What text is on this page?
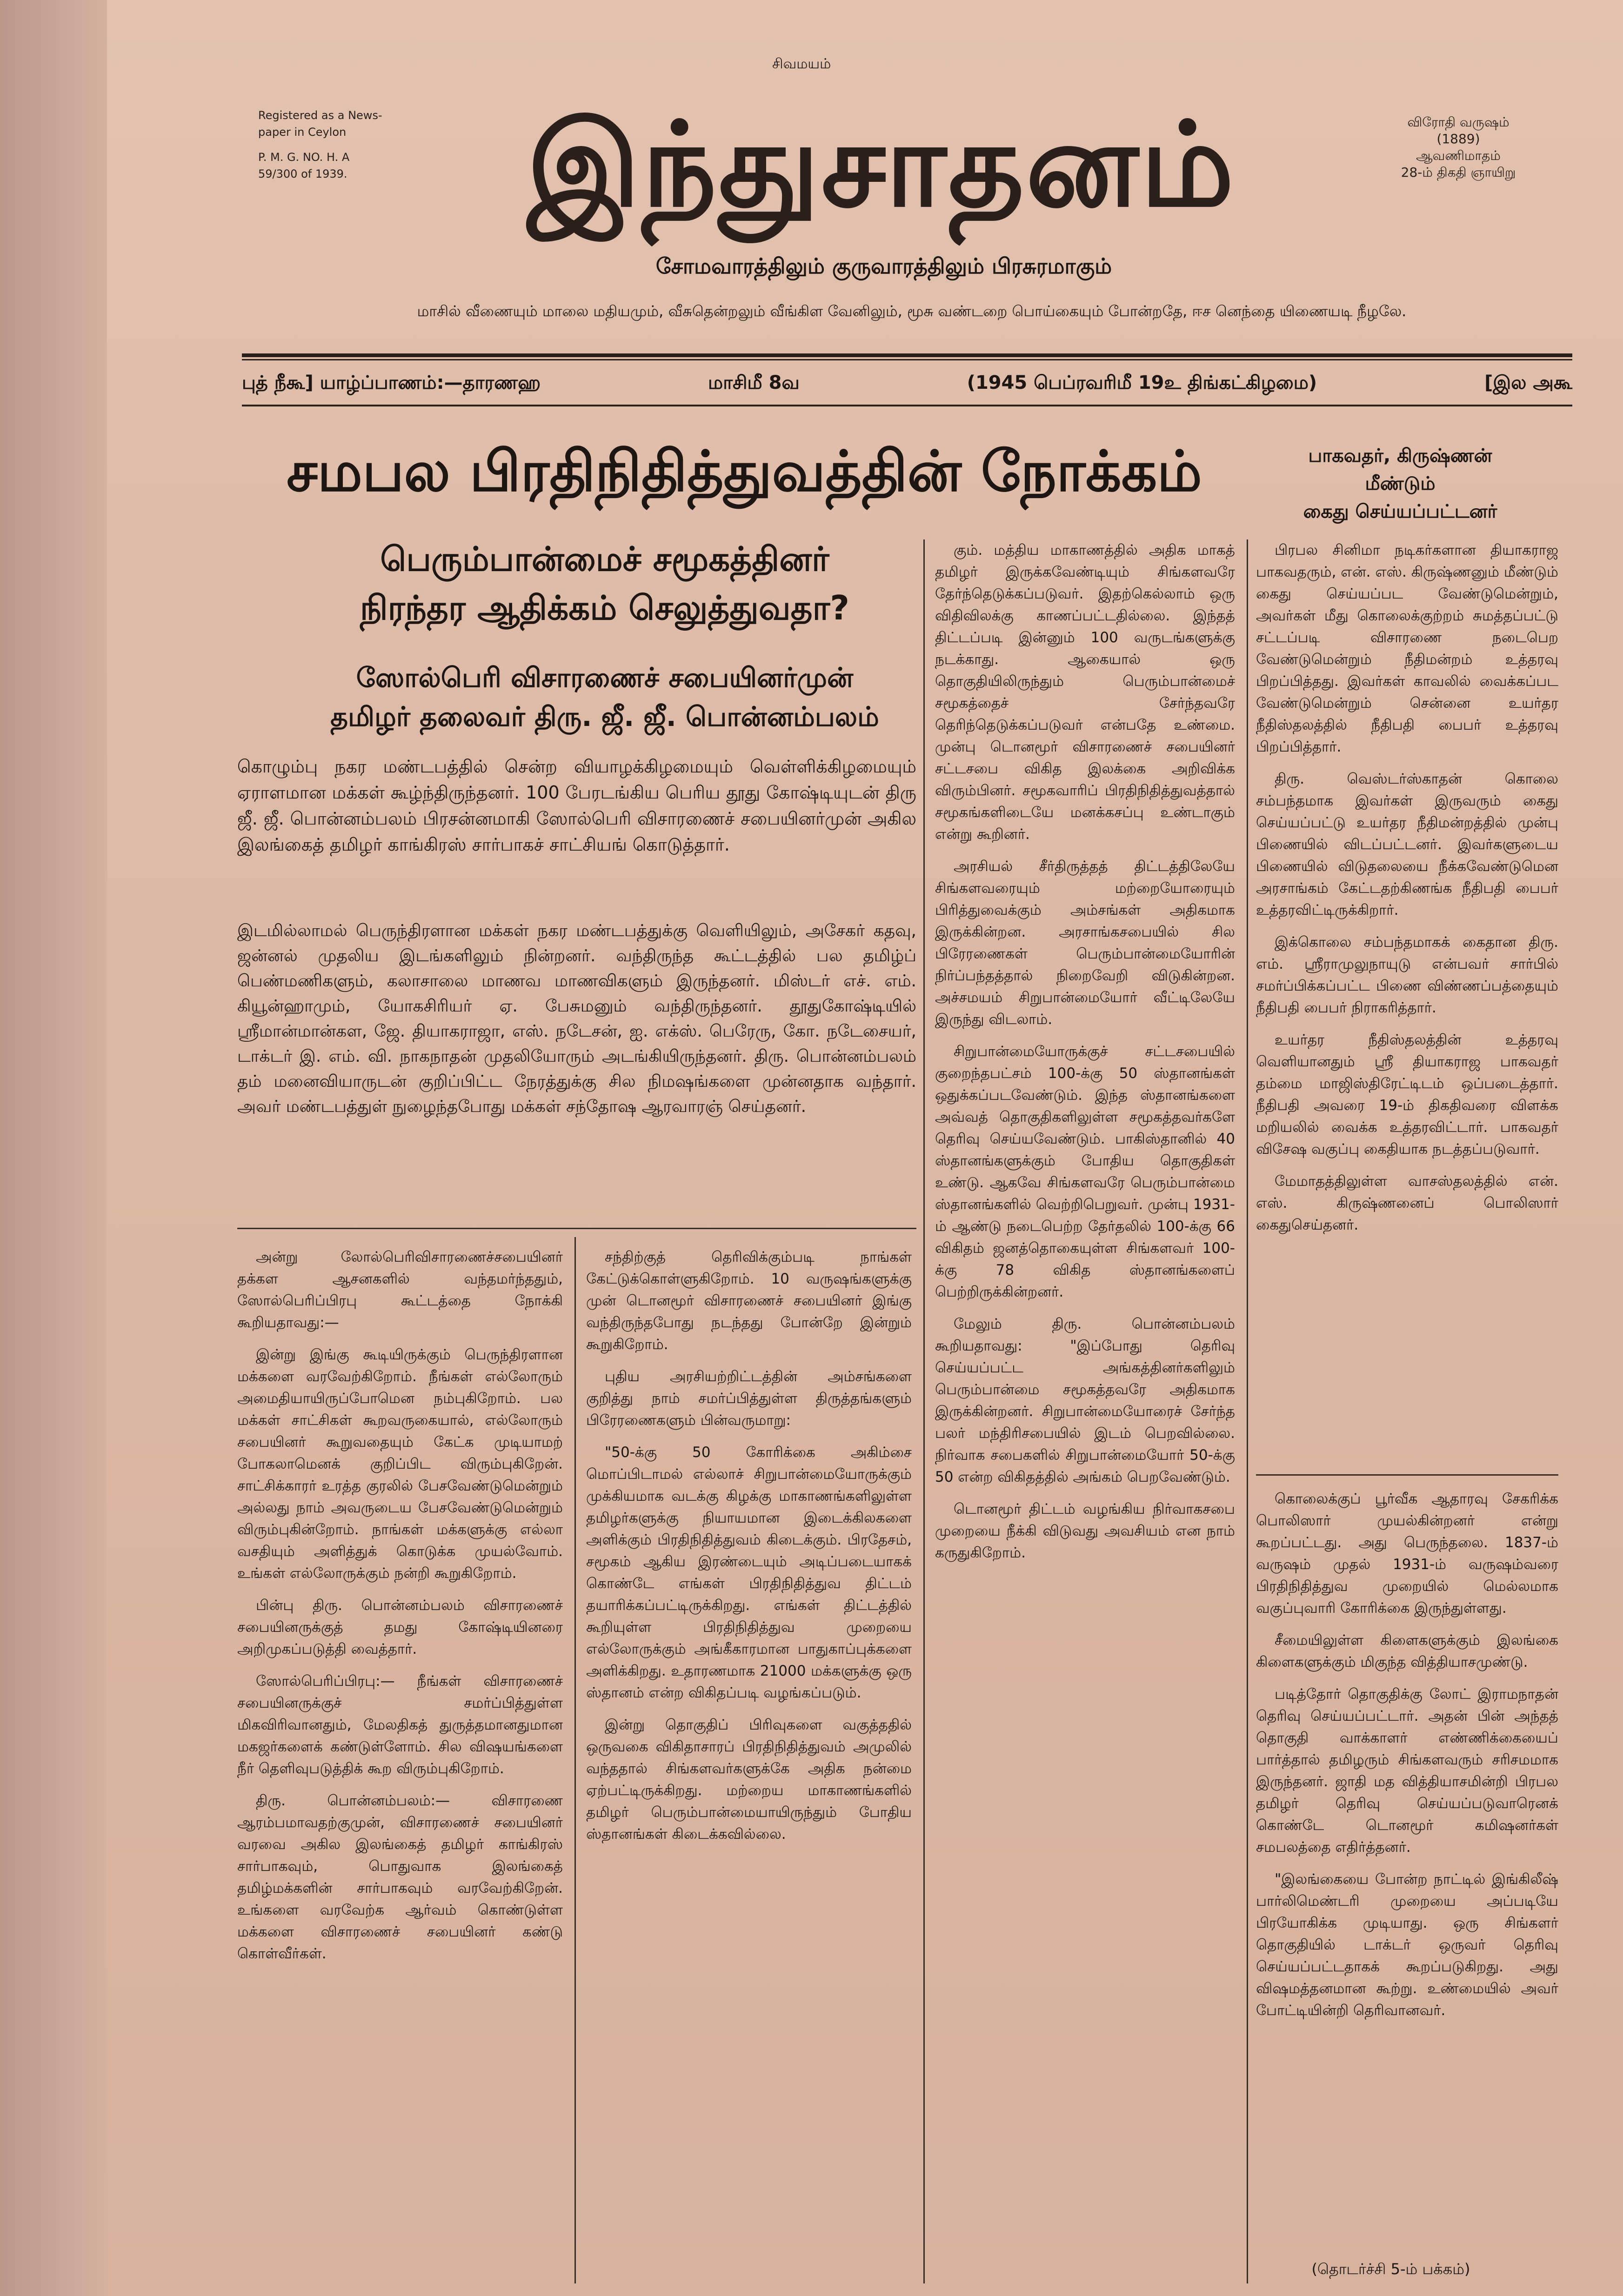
சிவமயம்
Registered as a News-
paper in Ceylon
P. M. G. NO. H. A
59/300 of 1939.	இந்துசாதனம்	விரோதி வருஷம்
(1889)
ஆவணிமாதம்
28-ம் திகதி ஞாயிறு
சோமவாரத்திலும் குருவாரத்திலும் பிரசுரமாகும்
மாசில் வீணையும் மாலை மதியமும், வீசுதென்றலும் வீங்கிள வேனிலும், மூசு வண்டறை பொய்கையும் போன்றதே, ஈச னெந்தை யிணையடி நீழலே.
புத் நீகூ] யாழ்ப்பாணம்:—தாரணஹ	மாசிமீ 8வ	(1945 பெப்ரவரிமீ 19உ திங்கட்கிழமை)	[இல அகூ
சமபல பிரதிநிதித்துவத்தின் நோக்கம்
பெரும்பான்மைச் சமூகத்தினர்
நிரந்தர ஆதிக்கம் செலுத்துவதா?
ஸோல்பெரி விசாரணைச் சபையினர்முன்
தமிழர் தலைவர் திரு. ஜீ. ஜீ. பொன்னம்பலம்
கொழும்பு நகர மண்டபத்தில் சென்ற வியாழக்கிழமையும் வெள்ளிக்கிழமையும் ஏராளமான மக்கள் கூழ்ந்திருந்தனர். 100 பேரடங்கிய பெரிய தூது கோஷ்டியுடன் திரு ஜீ. ஜீ. பொன்னம்பலம் பிரசன்னமாகி ஸோல்பெரி விசாரணைச் சபையினர்முன் அகில இலங்கைத் தமிழர் காங்கிரஸ் சார்பாகச் சாட்சியங் கொடுத்தார்.
இடமில்லாமல் பெருந்திரளான மக்கள் நகர மண்டபத்துக்கு வெளியிலும், அசேகர் கதவு, ஜன்னல் முதலிய இடங்களிலும் நின்றனர். வந்திருந்த கூட்டத்தில் பல தமிழ்ப் பெண்மணிகளும், கலாசாலை மாணவ மாணவிகளும் இருந்தனர். மிஸ்டர் எச். எம். கியூன்ஹாமும், யோகசிரியர் ஏ. பேசுமனும் வந்திருந்தனர். தூதுகோஷ்டியில் ஸ்ரீமான்மான்கள, ஜே. தியாகராஜா, எஸ். நடேசன், ஐ. எக்ஸ். பெரேரு, கோ. நடேசையர், டாக்டர் இ. எம். வி. நாகநாதன் முதலியோரும் அடங்கியிருந்தனர். திரு. பொன்னம்பலம் தம் மனைவியாருடன் குறிப்பிட்ட நேரத்துக்கு சில நிமஷங்களை முன்னதாக வந்தார். அவர் மண்டபத்துள் நுழைந்தபோது மக்கள் சந்தோஷ ஆரவாரஞ் செய்தனர்.

அன்று லோல்பெரிவிசாரணைச்சபையினர் தக்கள ஆசனகளில் வந்தமர்ந்ததும், ஸோல்பெரிப்பிரபு கூட்டத்தை நோக்கி கூறியதாவது:—

இன்று இங்கு கூடியிருக்கும் பெருந்திரளான மக்களை வரவேற்கிறோம். நீங்கள் எல்லோரும் அமைதியாயிருப்போமென நம்புகிறோம். பல மக்கள் சாட்சிகள் கூறவருகையால், எல்லோரும் சபையினர் கூறுவதையும் கேட்க முடியாமற் போகலாமெனக் குறிப்பிட விரும்புகிறேன். சாட்சிக்காரர் உரத்த குரலில் பேசவேண்டுமென்றும் அல்லது நாம் அவருடைய பேசவேண்டுமென்றும் விரும்புகின்றோம். நாங்கள் மக்களுக்கு எல்லா வசதியும் அளித்துக் கொடுக்க முயல்வோம். உங்கள் எல்லோருக்கும் நன்றி கூறுகிறோம்.

பின்பு திரு. பொன்னம்பலம் விசாரணைச் சபையினருக்குத் தமது கோஷ்டியினரை அறிமுகப்படுத்தி வைத்தார்.

ஸோல்பெரிப்பிரபு:— நீங்கள் விசாரணைச் சபையினருக்குச் சமர்ப்பித்துள்ள மிகவிரிவானதும், மேலதிகத் துருத்தமானதுமான மகஜர்களைக் கண்டுள்ளோம். சில விஷயங்களை நீர் தெளிவுபடுத்திக் கூற விரும்புகிறோம்.

திரு. பொன்னம்பலம்:— விசாரணை ஆரம்பமாவதற்குமுன், விசாரணைச் சபையினர் வரவை அகில இலங்கைத் தமிழர் காங்கிரஸ் சார்பாகவும், பொதுவாக இலங்கைத் தமிழ்மக்களின் சார்பாகவும் வரவேற்கிறேன். உங்களை வரவேற்க ஆர்வம் கொண்டுள்ள மக்களை விசாரணைச் சபையினர் கண்டு கொள்வீர்கள்.

சந்திற்குத் தெரிவிக்கும்படி நாங்கள் கேட்டுக்கொள்ளுகிறோம். 10 வருஷங்களுக்கு முன் டொனமூர் விசாரணைச் சபையினர் இங்கு வந்திருந்தபோது நடந்தது போன்றே இன்றும் கூறுகிறோம்.

புதிய அரசியற்றிட்டத்தின் அம்சங்களை குறித்து நாம் சமர்ப்பித்துள்ள திருத்தங்களும் பிரேரணைகளும் பின்வருமாறு:

"50-க்கு 50 கோரிக்கை அகிம்சை மொப்பிடாமல் எல்லாச் சிறுபான்மையோருக்கும் முக்கியமாக வடக்கு கிழக்கு மாகாணங்களிலுள்ள தமிழர்களுக்கு நியாயமான இடைக்கிலகளை அளிக்கும் பிரதிநிதித்துவம் கிடைக்கும். பிரதேசம், சமூகம் ஆகிய இரண்டையும் அடிப்படையாகக் கொண்டே எங்கள் பிரதிநிதித்துவ திட்டம் தயாரிக்கப்பட்டிருக்கிறது. எங்கள் திட்டத்தில் கூறியுள்ள பிரதிநிதித்துவ முறையை எல்லோருக்கும் அங்கீகாரமான பாதுகாப்புக்களை அளிக்கிறது. உதாரணமாக 21000 மக்களுக்கு ஒரு ஸ்தானம் என்ற விகிதப்படி வழங்கப்படும்.

இன்று தொகுதிப் பிரிவுகளை வகுத்ததில் ஒருவகை விகிதாசாரப் பிரதிநிதித்துவம் அமுலில் வந்ததால் சிங்களவர்களுக்கே அதிக நன்மை ஏற்பட்டிருக்கிறது. மற்றைய மாகாணங்களில் தமிழர் பெரும்பான்மையாயிருந்தும் போதிய ஸ்தானங்கள் கிடைக்கவில்லை.

கும். மத்திய மாகாணத்தில் அதிக மாகத் தமிழர் இருக்கவேண்டியும் சிங்களவரே தேர்ந்தெடுக்கப்படுவர். இதற்கெல்லாம் ஒரு விதிவிலக்கு காணப்பட்டதில்லை. இந்தத் திட்டப்படி இன்னும் 100 வருடங்களுக்கு நடக்காது. ஆகையால் ஒரு தொகுதியிலிருந்தும் பெரும்பான்மைச் சமூகத்தைச் சேர்ந்தவரே தெரிந்தெடுக்கப்படுவர் என்பதே உண்மை. முன்பு டொனமூர் விசாரணைச் சபையினர் சட்டசபை விகித இலக்கை அறிவிக்க விரும்பினர். சமூகவாரிப் பிரதிநிதித்துவத்தால் சமூகங்களிடையே மனக்கசப்பு உண்டாகும் என்று கூறினர்.

அரசியல் சீர்திருத்தத் திட்டத்திலேயே சிங்களவரையும் மற்றையோரையும் பிரித்துவைக்கும் அம்சங்கள் அதிகமாக இருக்கின்றன. அரசாங்கசபையில் சில பிரேரணைகள் பெரும்பான்மையோரின் நிர்ப்பந்தத்தால் நிறைவேறி விடுகின்றன. அச்சமயம் சிறுபான்மையோர் வீட்டிலேயே இருந்து விடலாம்.

சிறுபான்மையோருக்குச் சட்டசபையில் குறைந்தபட்சம் 100-க்கு 50 ஸ்தானங்கள் ஒதுக்கப்படவேண்டும். இந்த ஸ்தானங்களை அவ்வத் தொகுதிகளிலுள்ள சமூகத்தவர்களே தெரிவு செய்யவேண்டும். பாகிஸ்தானில் 40 ஸ்தானங்களுக்கும் போதிய தொகுதிகள் உண்டு. ஆகவே சிங்களவரே பெரும்பான்மை ஸ்தானங்களில் வெற்றிபெறுவர். முன்பு 1931-ம் ஆண்டு நடைபெற்ற தேர்தலில் 100-க்கு 66 விகிதம் ஜனத்தொகையுள்ள சிங்களவர் 100-க்கு 78 விகித ஸ்தானங்களைப் பெற்றிருக்கின்றனர்.

மேலும் திரு. பொன்னம்பலம் கூறியதாவது: "இப்போது தெரிவு செய்யப்பட்ட அங்கத்தினர்களிலும் பெரும்பான்மை சமூகத்தவரே அதிகமாக இருக்கின்றனர். சிறுபான்மையோரைச் சேர்ந்த பலர் மந்திரிசபையில் இடம் பெறவில்லை. நிர்வாக சபைகளில் சிறுபான்மையோர் 50-க்கு 50 என்ற விகிதத்தில் அங்கம் பெறவேண்டும்.

டொனமூர் திட்டம் வழங்கிய நிர்வாகசபை முறையை நீக்கி விடுவது அவசியம் என நாம் கருதுகிறோம்.

பாகவதர், கிருஷ்ணன்
மீண்டும்
கைது செய்யப்பட்டனர்

பிரபல சினிமா நடிகர்களான தியாகராஜ பாகவதரும், என். எஸ். கிருஷ்ணனும் மீண்டும் கைது செய்யப்பட வேண்டுமென்றும், அவர்கள் மீது கொலைக்குற்றம் சுமத்தப்பட்டு சட்டப்படி விசாரணை நடைபெற வேண்டுமென்றும் நீதிமன்றம் உத்தரவு பிறப்பித்தது. இவர்கள் காவலில் வைக்கப்பட வேண்டுமென்றும் சென்னை உயர்தர நீதிஸ்தலத்தில் நீதிபதி பைபர் உத்தரவு பிறப்பித்தார்.

திரு. வெஸ்டர்ஸ்காதன் கொலை சம்பந்தமாக இவர்கள் இருவரும் கைது செய்யப்பட்டு உயர்தர நீதிமன்றத்தில் முன்பு பிணையில் விடப்பட்டனர். இவர்களுடைய பிணையில் விடுதலையை நீக்கவேண்டுமென அரசாங்கம் கேட்டதற்கிணங்க நீதிபதி பைபர் உத்தரவிட்டிருக்கிறார்.

இக்கொலை சம்பந்தமாகக் கைதான திரு. எம். ஸ்ரீராமுலுநாயுடு என்பவர் சார்பில் சமர்ப்பிக்கப்பட்ட பிணை விண்ணப்பத்தையும் நீதிபதி பைபர் நிராகரித்தார்.

உயர்தர நீதிஸ்தலத்தின் உத்தரவு வெளியானதும் ஸ்ரீ தியாகராஜ பாகவதர் தம்மை மாஜிஸ்திரேட்டிடம் ஒப்படைத்தார். நீதிபதி அவரை 19-ம் திகதிவரை விளக்க மறியலில் வைக்க உத்தரவிட்டார். பாகவதர் விசேஷ வகுப்பு கைதியாக நடத்தப்படுவார்.

மேமாதத்திலுள்ள வாசஸ்தலத்தில் என். எஸ். கிருஷ்ணனைப் பொலிஸார் கைதுசெய்தனர்.

கொலைக்குப் பூர்வீக ஆதாரவு சேகரிக்க பொலிஸார் முயல்கின்றனர் என்று கூறப்பட்டது. அது பெருந்தலை. 1837-ம் வருஷம் முதல் 1931-ம் வருஷம்வரை பிரதிநிதித்துவ முறையில் மெல்லமாக வகுப்புவாரி கோரிக்கை இருந்துள்ளது.

சீமையிலுள்ள கிளைகளுக்கும் இலங்கை கிளைகளுக்கும் மிகுந்த வித்தியாசமுண்டு.

படித்தோர் தொகுதிக்கு லோட் இராமநாதன் தெரிவு செய்யப்பட்டார். அதன் பின் அந்தத் தொகுதி வாக்காளர் எண்ணிக்கையைப் பார்த்தால் தமிழரும் சிங்களவரும் சரிசமமாக இருந்தனர். ஜாதி மத வித்தியாசமின்றி பிரபல தமிழர் தெரிவு செய்யப்படுவாரெனக் கொண்டே டொனமூர் கமிஷனர்கள் சமபலத்தை எதிர்த்தனர்.

"இலங்கையை போன்ற நாட்டில் இங்கிலீஷ் பார்லிமெண்டரி முறையை அப்படியே பிரயோகிக்க முடியாது. ஒரு சிங்களர் தொகுதியில் டாக்டர் ஒருவர் தெரிவு செய்யப்பட்டதாகக் கூறப்படுகிறது. அது விஷமத்தனமான கூற்று. உண்மையில் அவர் போட்டியின்றி தெரிவானவர்.

(தொடர்ச்சி 5-ம் பக்கம்)
